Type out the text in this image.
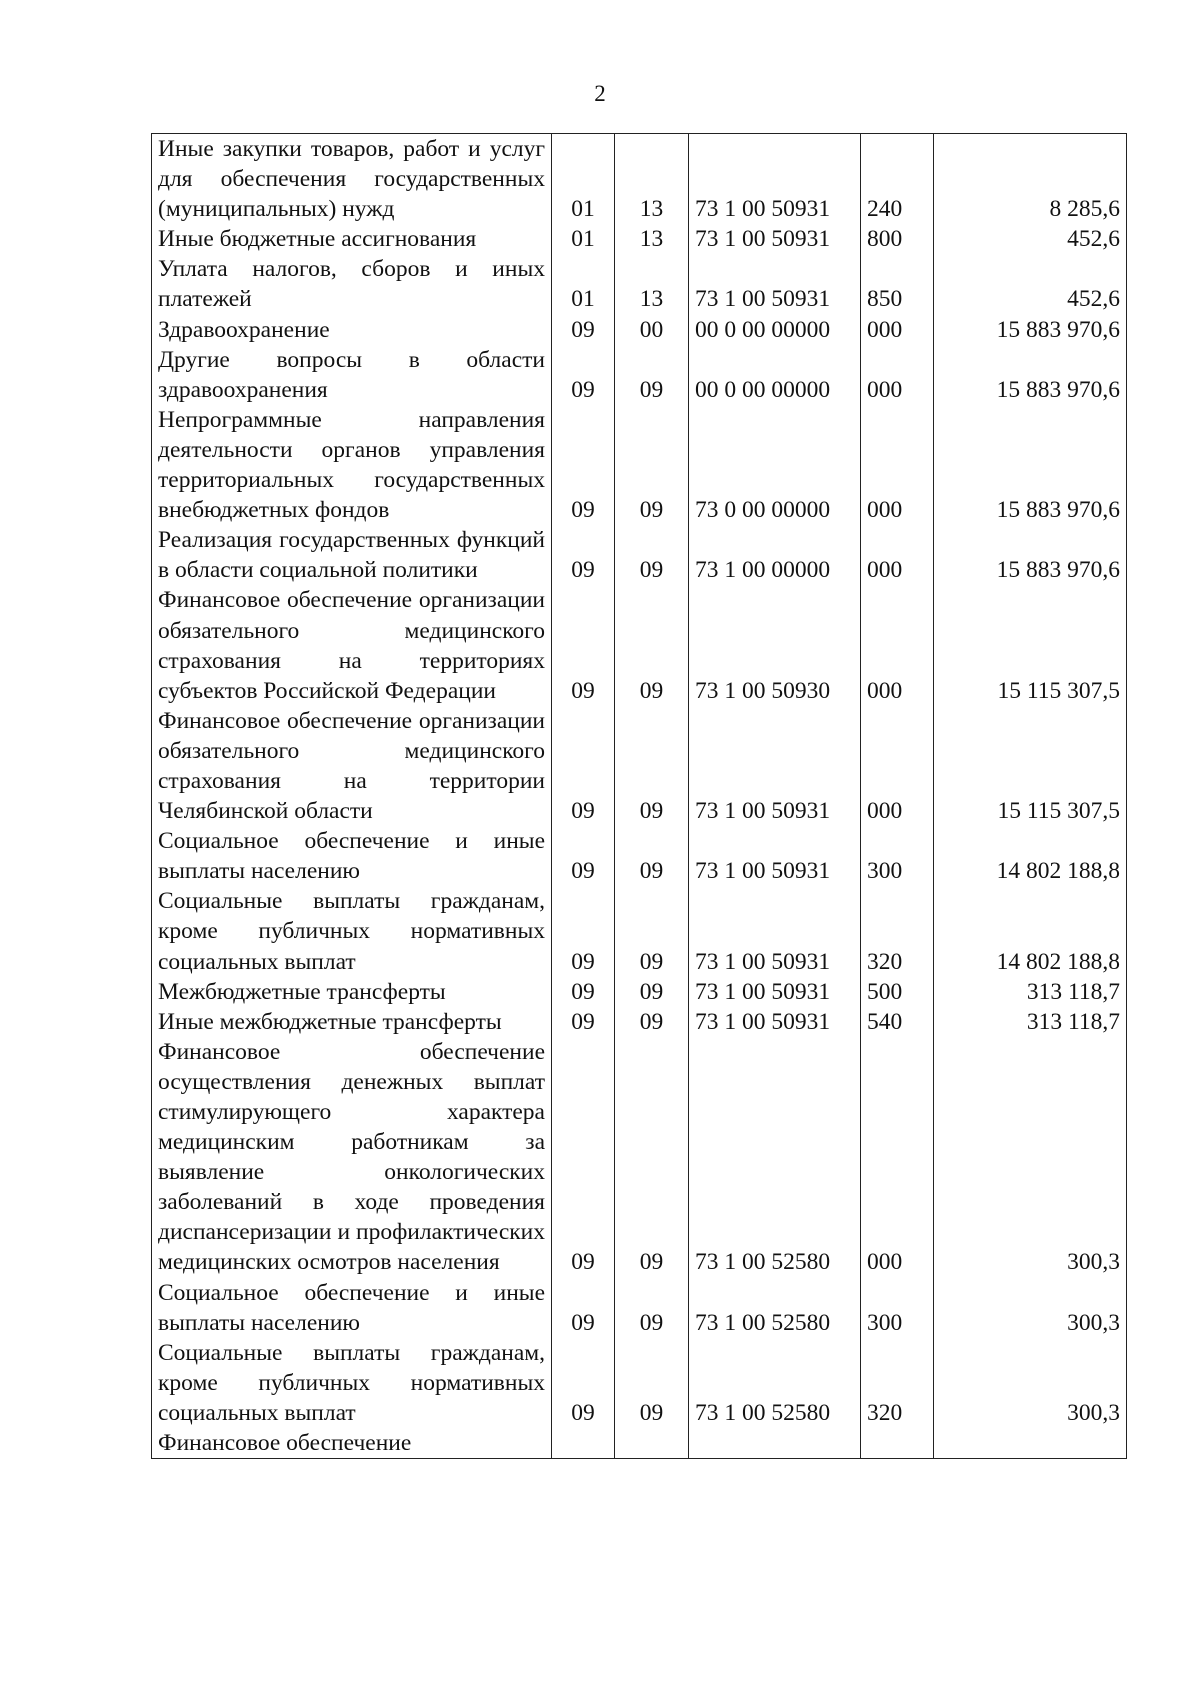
2
Иные закупки товаров, работ и услуг для обеспечения государственных (муниципальных) нужд	01	13	73 1 00 50931	240	8 285,6
Иные бюджетные ассигнования	01	13	73 1 00 50931	800	452,6
Уплата налогов, сборов и иных платежей	01	13	73 1 00 50931	850	452,6
Здравоохранение	09	00	00 0 00 00000	000	15 883 970,6
Другие вопросы в области здравоохранения	09	09	00 0 00 00000	000	15 883 970,6
Непрограммные направления деятельности органов управления территориальных государственных внебюджетных фондов	09	09	73 0 00 00000	000	15 883 970,6
Реализация государственных функций в области социальной политики	09	09	73 1 00 00000	000	15 883 970,6
Финансовое обеспечение организации обязательного медицинского страхования на территориях субъектов Российской Федерации	09	09	73 1 00 50930	000	15 115 307,5
Финансовое обеспечение организации обязательного медицинского страхования на территории Челябинской области	09	09	73 1 00 50931	000	15 115 307,5
Социальное обеспечение и иные выплаты населению	09	09	73 1 00 50931	300	14 802 188,8
Социальные выплаты гражданам, кроме публичных нормативных социальных выплат	09	09	73 1 00 50931	320	14 802 188,8
Межбюджетные трансферты	09	09	73 1 00 50931	500	313 118,7
Иные межбюджетные трансферты	09	09	73 1 00 50931	540	313 118,7
Финансовое обеспечение осуществления денежных выплат стимулирующего характера медицинским работникам за выявление онкологических заболеваний в ходе проведения диспансеризации и профилактических медицинских осмотров населения	09	09	73 1 00 52580	000	300,3
Социальное обеспечение и иные выплаты населению	09	09	73 1 00 52580	300	300,3
Социальные выплаты гражданам, кроме публичных нормативных социальных выплат	09	09	73 1 00 52580	320	300,3
Финансовое обеспечение					
